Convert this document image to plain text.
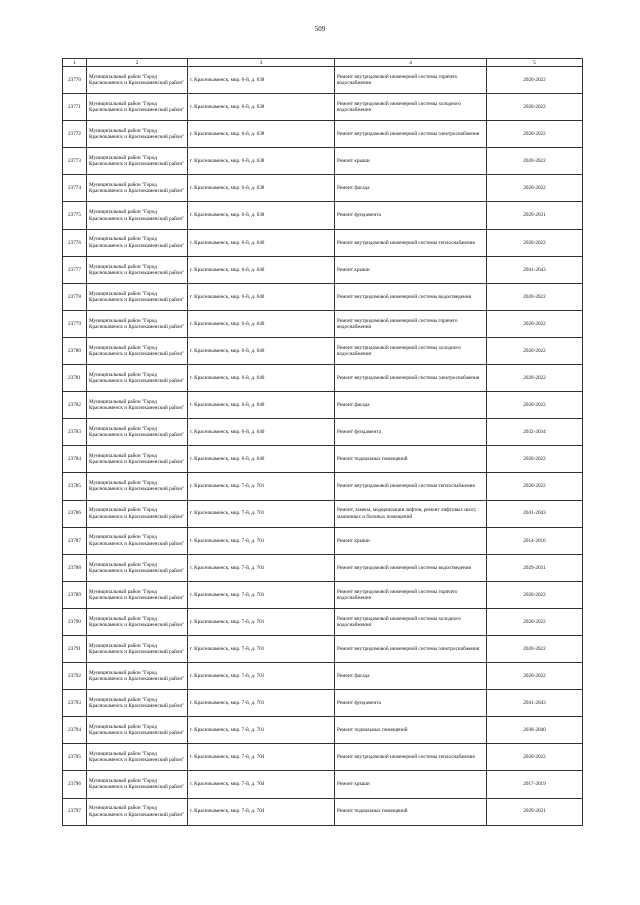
509
1	2	3	4	5
23770	Муниципальный район "Город Краснокаменск и Краснокаменский район"	г. Краснокаменск, мкр. 6-й, д. 638	Ремонт внутридомовой инженерной системы горячего водоснабжения	2020-2022
23771	Муниципальный район "Город Краснокаменск и Краснокаменский район"	г. Краснокаменск, мкр. 6-й, д. 638	Ремонт внутридомовой инженерной системы холодного водоснабжения	2020-2022
23772	Муниципальный район "Город Краснокаменск и Краснокаменский район"	г. Краснокаменск, мкр. 6-й, д. 638	Ремонт внутридомовой инженерной системы электроснабжения	2020-2022
23773	Муниципальный район "Город Краснокаменск и Краснокаменский район"	г. Краснокаменск, мкр. 6-й, д. 638	Ремонт крыши	2020-2022
23774	Муниципальный район "Город Краснокаменск и Краснокаменский район"	г. Краснокаменск, мкр. 6-й, д. 638	Ремонт фасада	2020-2022
23775	Муниципальный район "Город Краснокаменск и Краснокаменский район"	г. Краснокаменск, мкр. 6-й, д. 638	Ремонт фундамента	2029-2031
23776	Муниципальный район "Город Краснокаменск и Краснокаменский район"	г. Краснокаменск, мкр. 6-й, д. 640	Ремонт внутридомовой инженерной системы теплоснабжения	2020-2022
23777	Муниципальный район "Город Краснокаменск и Краснокаменский район"	г. Краснокаменск, мкр. 6-й, д. 640	Ремонт крыши	2041-2043
23778	Муниципальный район "Город Краснокаменск и Краснокаменский район"	г. Краснокаменск, мкр. 6-й, д. 640	Ремонт внутридомовой инженерной системы водоотведения	2020-2022
23779	Муниципальный район "Город Краснокаменск и Краснокаменский район"	г. Краснокаменск, мкр. 6-й, д. 640	Ремонт внутридомовой инженерной системы горячего водоснабжения	2020-2022
23780	Муниципальный район "Город Краснокаменск и Краснокаменский район"	г. Краснокаменск, мкр. 6-й, д. 640	Ремонт внутридомовой инженерной системы холодного водоснабжения	2020-2022
23781	Муниципальный район "Город Краснокаменск и Краснокаменский район"	г. Краснокаменск, мкр. 6-й, д. 640	Ремонт внутридомовой инженерной системы электроснабжения	2020-2022
23782	Муниципальный район "Город Краснокаменск и Краснокаменский район"	г. Краснокаменск, мкр. 6-й, д. 640	Ремонт фасада	2020-2022
23783	Муниципальный район "Город Краснокаменск и Краснокаменский район"	г. Краснокаменск, мкр. 6-й, д. 640	Ремонт фундамента	2032-2034
23784	Муниципальный район "Город Краснокаменск и Краснокаменский район"	г. Краснокаменск, мкр. 6-й, д. 640	Ремонт подвальных помещений	2020-2022
23785	Муниципальный район "Город Краснокаменск и Краснокаменский район"	г. Краснокаменск, мкр. 7-й, д. 701	Ремонт внутридомовой инженерной системы теплоснабжения	2020-2022
23786	Муниципальный район "Город Краснокаменск и Краснокаменский район"	г. Краснокаменск, мкр. 7-й, д. 701	Ремонт, замена, модернизация лифтов, ремонт лифтовых шахт, машинных и блочных помещений	2041-2043
23787	Муниципальный район "Город Краснокаменск и Краснокаменский район"	г. Краснокаменск, мкр. 7-й, д. 701	Ремонт крыши	2014-2016
23788	Муниципальный район "Город Краснокаменск и Краснокаменский район"	г. Краснокаменск, мкр. 7-й, д. 701	Ремонт внутридомовой инженерной системы водоотведения	2029-2031
23789	Муниципальный район "Город Краснокаменск и Краснокаменский район"	г. Краснокаменск, мкр. 7-й, д. 701	Ремонт внутридомовой инженерной системы горячего водоснабжения	2020-2022
23790	Муниципальный район "Город Краснокаменск и Краснокаменский район"	г. Краснокаменск, мкр. 7-й, д. 701	Ремонт внутридомовой инженерной системы холодного водоснабжения	2020-2022
23791	Муниципальный район "Город Краснокаменск и Краснокаменский район"	г. Краснокаменск, мкр. 7-й, д. 701	Ремонт внутридомовой инженерной системы электроснабжения	2020-2022
23792	Муниципальный район "Город Краснокаменск и Краснокаменский район"	г. Краснокаменск, мкр. 7-й, д. 701	Ремонт фасада	2020-2022
23793	Муниципальный район "Город Краснокаменск и Краснокаменский район"	г. Краснокаменск, мкр. 7-й, д. 701	Ремонт фундамента	2041-2043
23794	Муниципальный район "Город Краснокаменск и Краснокаменский район"	г. Краснокаменск, мкр. 7-й, д. 701	Ремонт подвальных помещений	2038-2040
23795	Муниципальный район "Город Краснокаменск и Краснокаменский район"	г. Краснокаменск, мкр. 7-й, д. 704	Ремонт внутридомовой инженерной системы теплоснабжения	2020-2022
23796	Муниципальный район "Город Краснокаменск и Краснокаменский район"	г. Краснокаменск, мкр. 7-й, д. 704	Ремонт крыши	2017-2019
23797	Муниципальный район "Город Краснокаменск и Краснокаменский район"	г. Краснокаменск, мкр. 7-й, д. 704	Ремонт подвальных помещений	2029-2031
